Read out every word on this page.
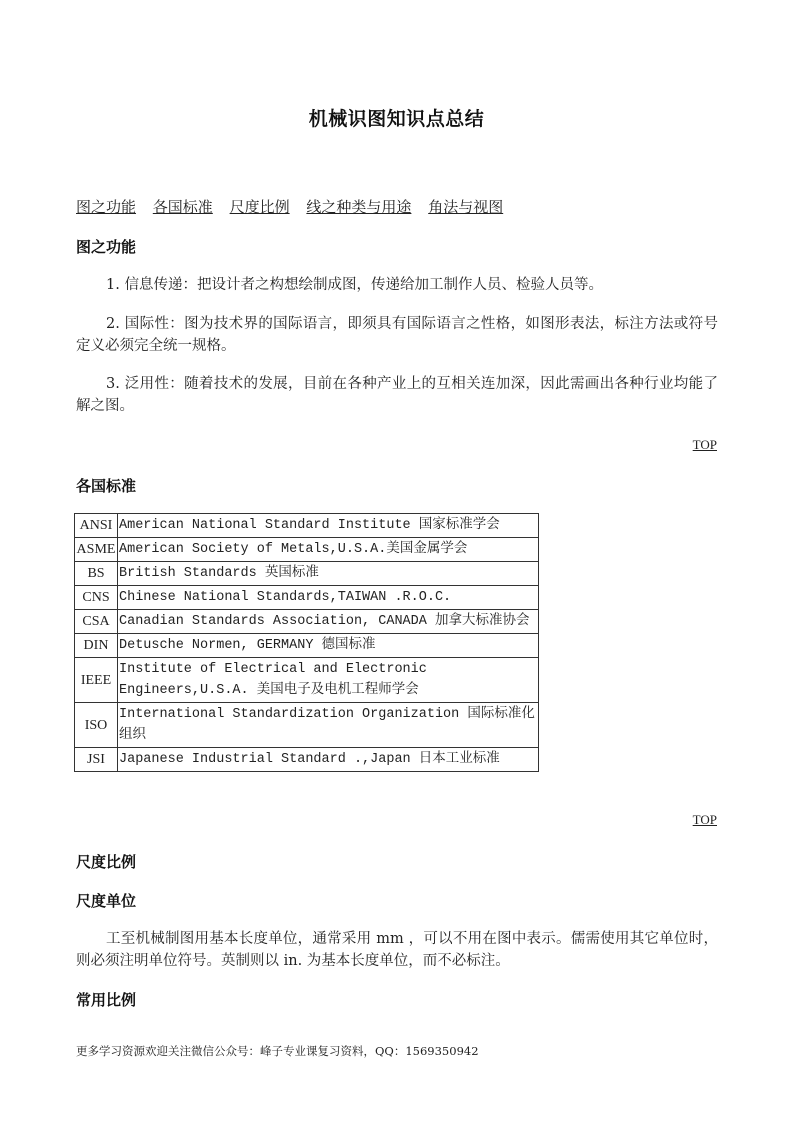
机械识图知识点总结
图之功能 各国标准 尺度比例 线之种类与用途 角法与视图
图之功能
1. 信息传递：把设计者之构想绘制成图，传递给加工制作人员、检验人员等。
2. 国际性：图为技术界的国际语言，即须具有国际语言之性格，如图形表法，标注方法或符号定义必须完全统一规格。
3. 泛用性：随着技术的发展，目前在各种产业上的互相关连加深，因此需画出各种行业均能了解之图。
TOP
各国标准
ANSI	American National Standard Institute 国家标准学会
ASME	American Society of Metals,U.S.A.美国金属学会
BS	British Standards 英国标准
CNS	Chinese National Standards,TAIWAN .R.O.C.
CSA	Canadian Standards Association, CANADA 加拿大标准协会
DIN	Detusche Normen, GERMANY 德国标准
IEEE	Institute of Electrical and Electronic Engineers,U.S.A. 美国电子及电机工程师学会
ISO	International Standardization Organization 国际标准化组织
JSI	Japanese Industrial Standard .,Japan 日本工业标准
TOP
尺度比例
尺度单位
工至机械制图用基本长度单位，通常采用 mm ，可以不用在图中表示。儒需使用其它单位时，则必须注明单位符号。英制则以 in. 为基本长度单位，而不必标注。
常用比例
更多学习资源欢迎关注微信公众号：峰子专业课复习资料，QQ：1569350942
